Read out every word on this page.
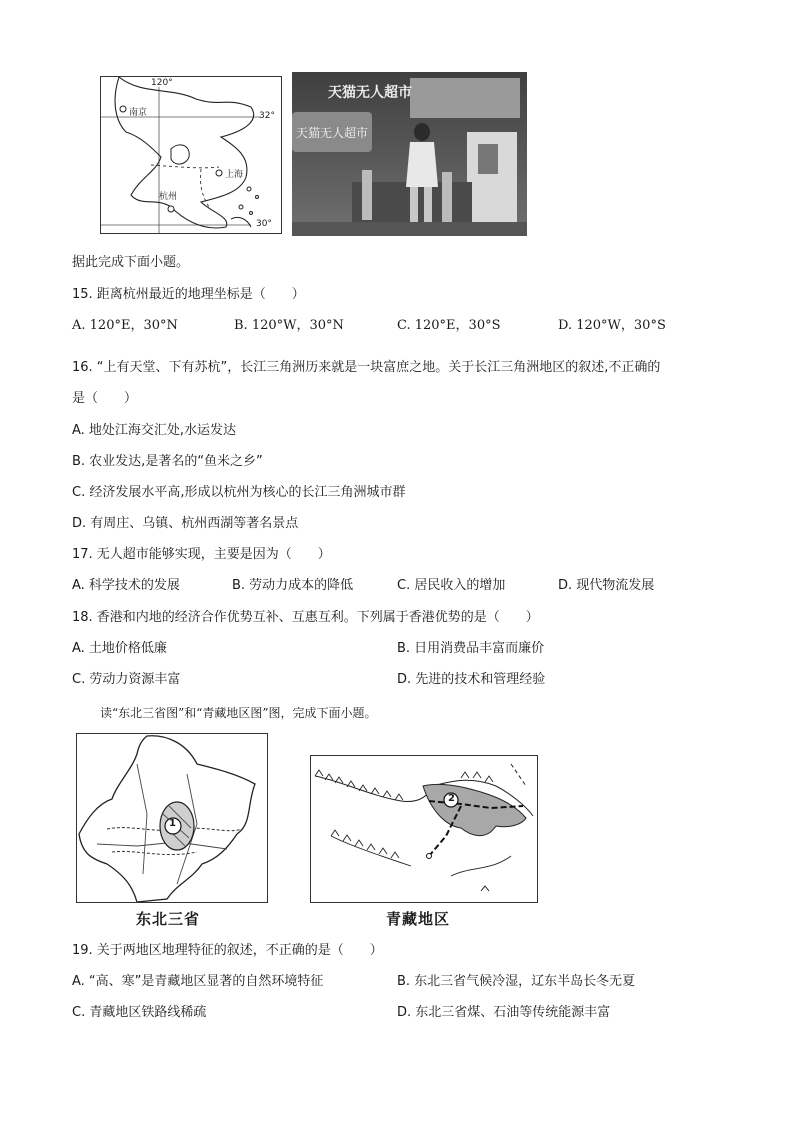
120°
32°
30°
南京
上海
杭州
天猫无人超市
天猫无人超市
据此完成下面小题。
15. 距离杭州最近的地理坐标是（　　）
A. 120°E，30°N	B. 120°W，30°N	C. 120°E，30°S	D. 120°W，30°S
16. “上有天堂、下有苏杭”，长江三角洲历来就是一块富庶之地。关于长江三角洲地区的叙述,不正确的
是（　　）
A. 地处江海交汇处,水运发达
B. 农业发达,是著名的“鱼米之乡”
C. 经济发展水平高,形成以杭州为核心的长江三角洲城市群
D. 有周庄、乌镇、杭州西湖等著名景点
17. 无人超市能够实现，主要是因为（　　）
A. 科学技术的发展	B. 劳动力成本的降低	C. 居民收入的增加	D. 现代物流发展
18. 香港和内地的经济合作优势互补、互惠互利。下列属于香港优势的是（　　）
A. 土地价格低廉	B. 日用消费品丰富而廉价
C. 劳动力资源丰富	D. 先进的技术和管理经验
读“东北三省图”和“青藏地区图”图，完成下面小题。
1
东北三省
2
青藏地区
19. 关于两地区地理特征的叙述，不正确的是（　　）
A. “高、寒”是青藏地区显著的自然环境特征	B. 东北三省气候冷湿，辽东半岛长冬无夏
C. 青藏地区铁路线稀疏	D. 东北三省煤、石油等传统能源丰富
